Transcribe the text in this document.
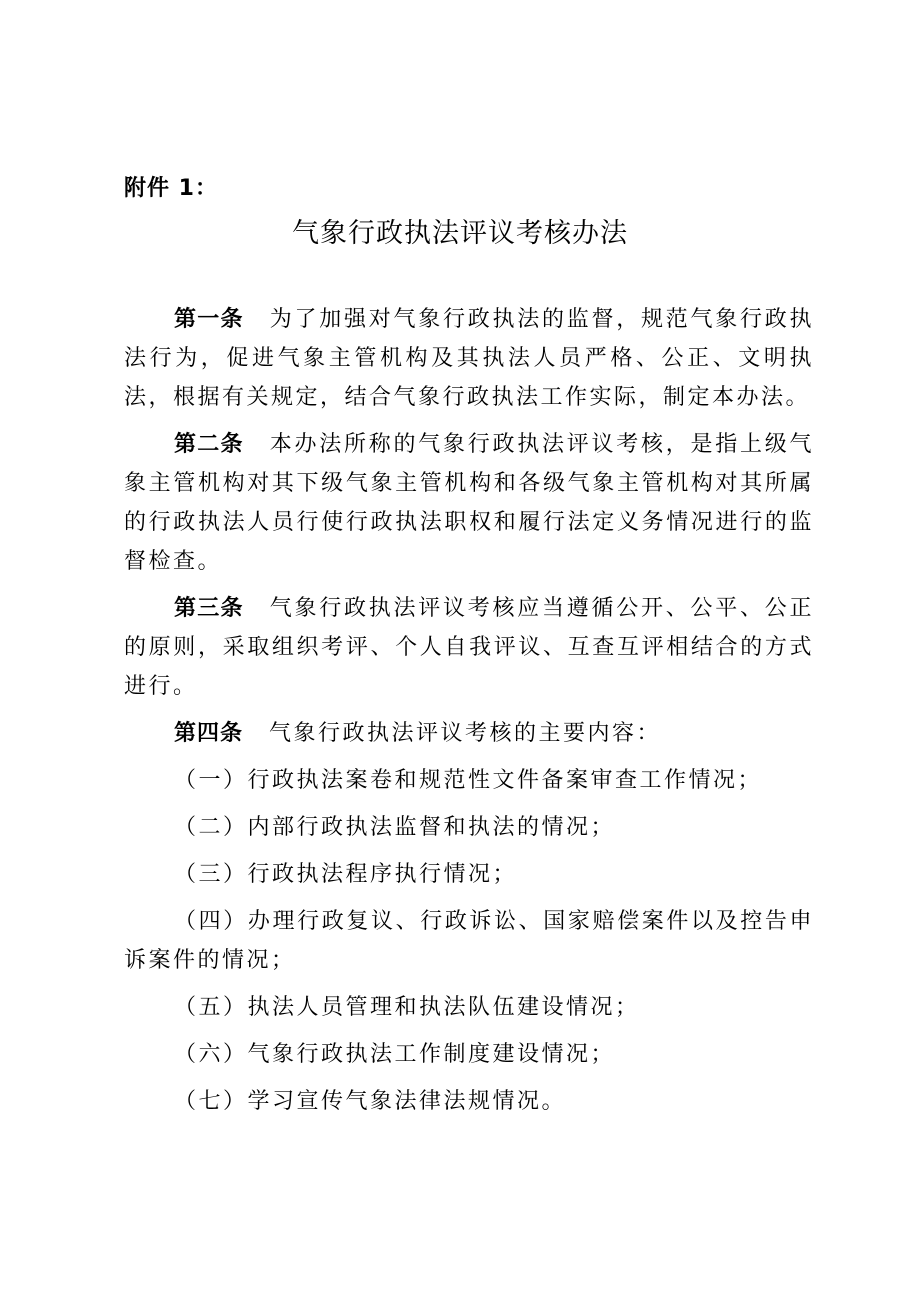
附件 1：
气象行政执法评议考核办法

第一条 为了加强对气象行政执法的监督，规范气象行政执法行为，促进气象主管机构及其执法人员严格、公正、文明执法，根据有关规定，结合气象行政执法工作实际，制定本办法。

第二条 本办法所称的气象行政执法评议考核，是指上级气象主管机构对其下级气象主管机构和各级气象主管机构对其所属的行政执法人员行使行政执法职权和履行法定义务情况进行的监督检查。

第三条 气象行政执法评议考核应当遵循公开、公平、公正的原则，采取组织考评、个人自我评议、互查互评相结合的方式进行。

第四条 气象行政执法评议考核的主要内容：

（一）行政执法案卷和规范性文件备案审查工作情况；

（二）内部行政执法监督和执法的情况；

（三）行政执法程序执行情况；

（四）办理行政复议、行政诉讼、国家赔偿案件以及控告申诉案件的情况；

（五）执法人员管理和执法队伍建设情况；

（六）气象行政执法工作制度建设情况；

（七）学习宣传气象法律法规情况。
